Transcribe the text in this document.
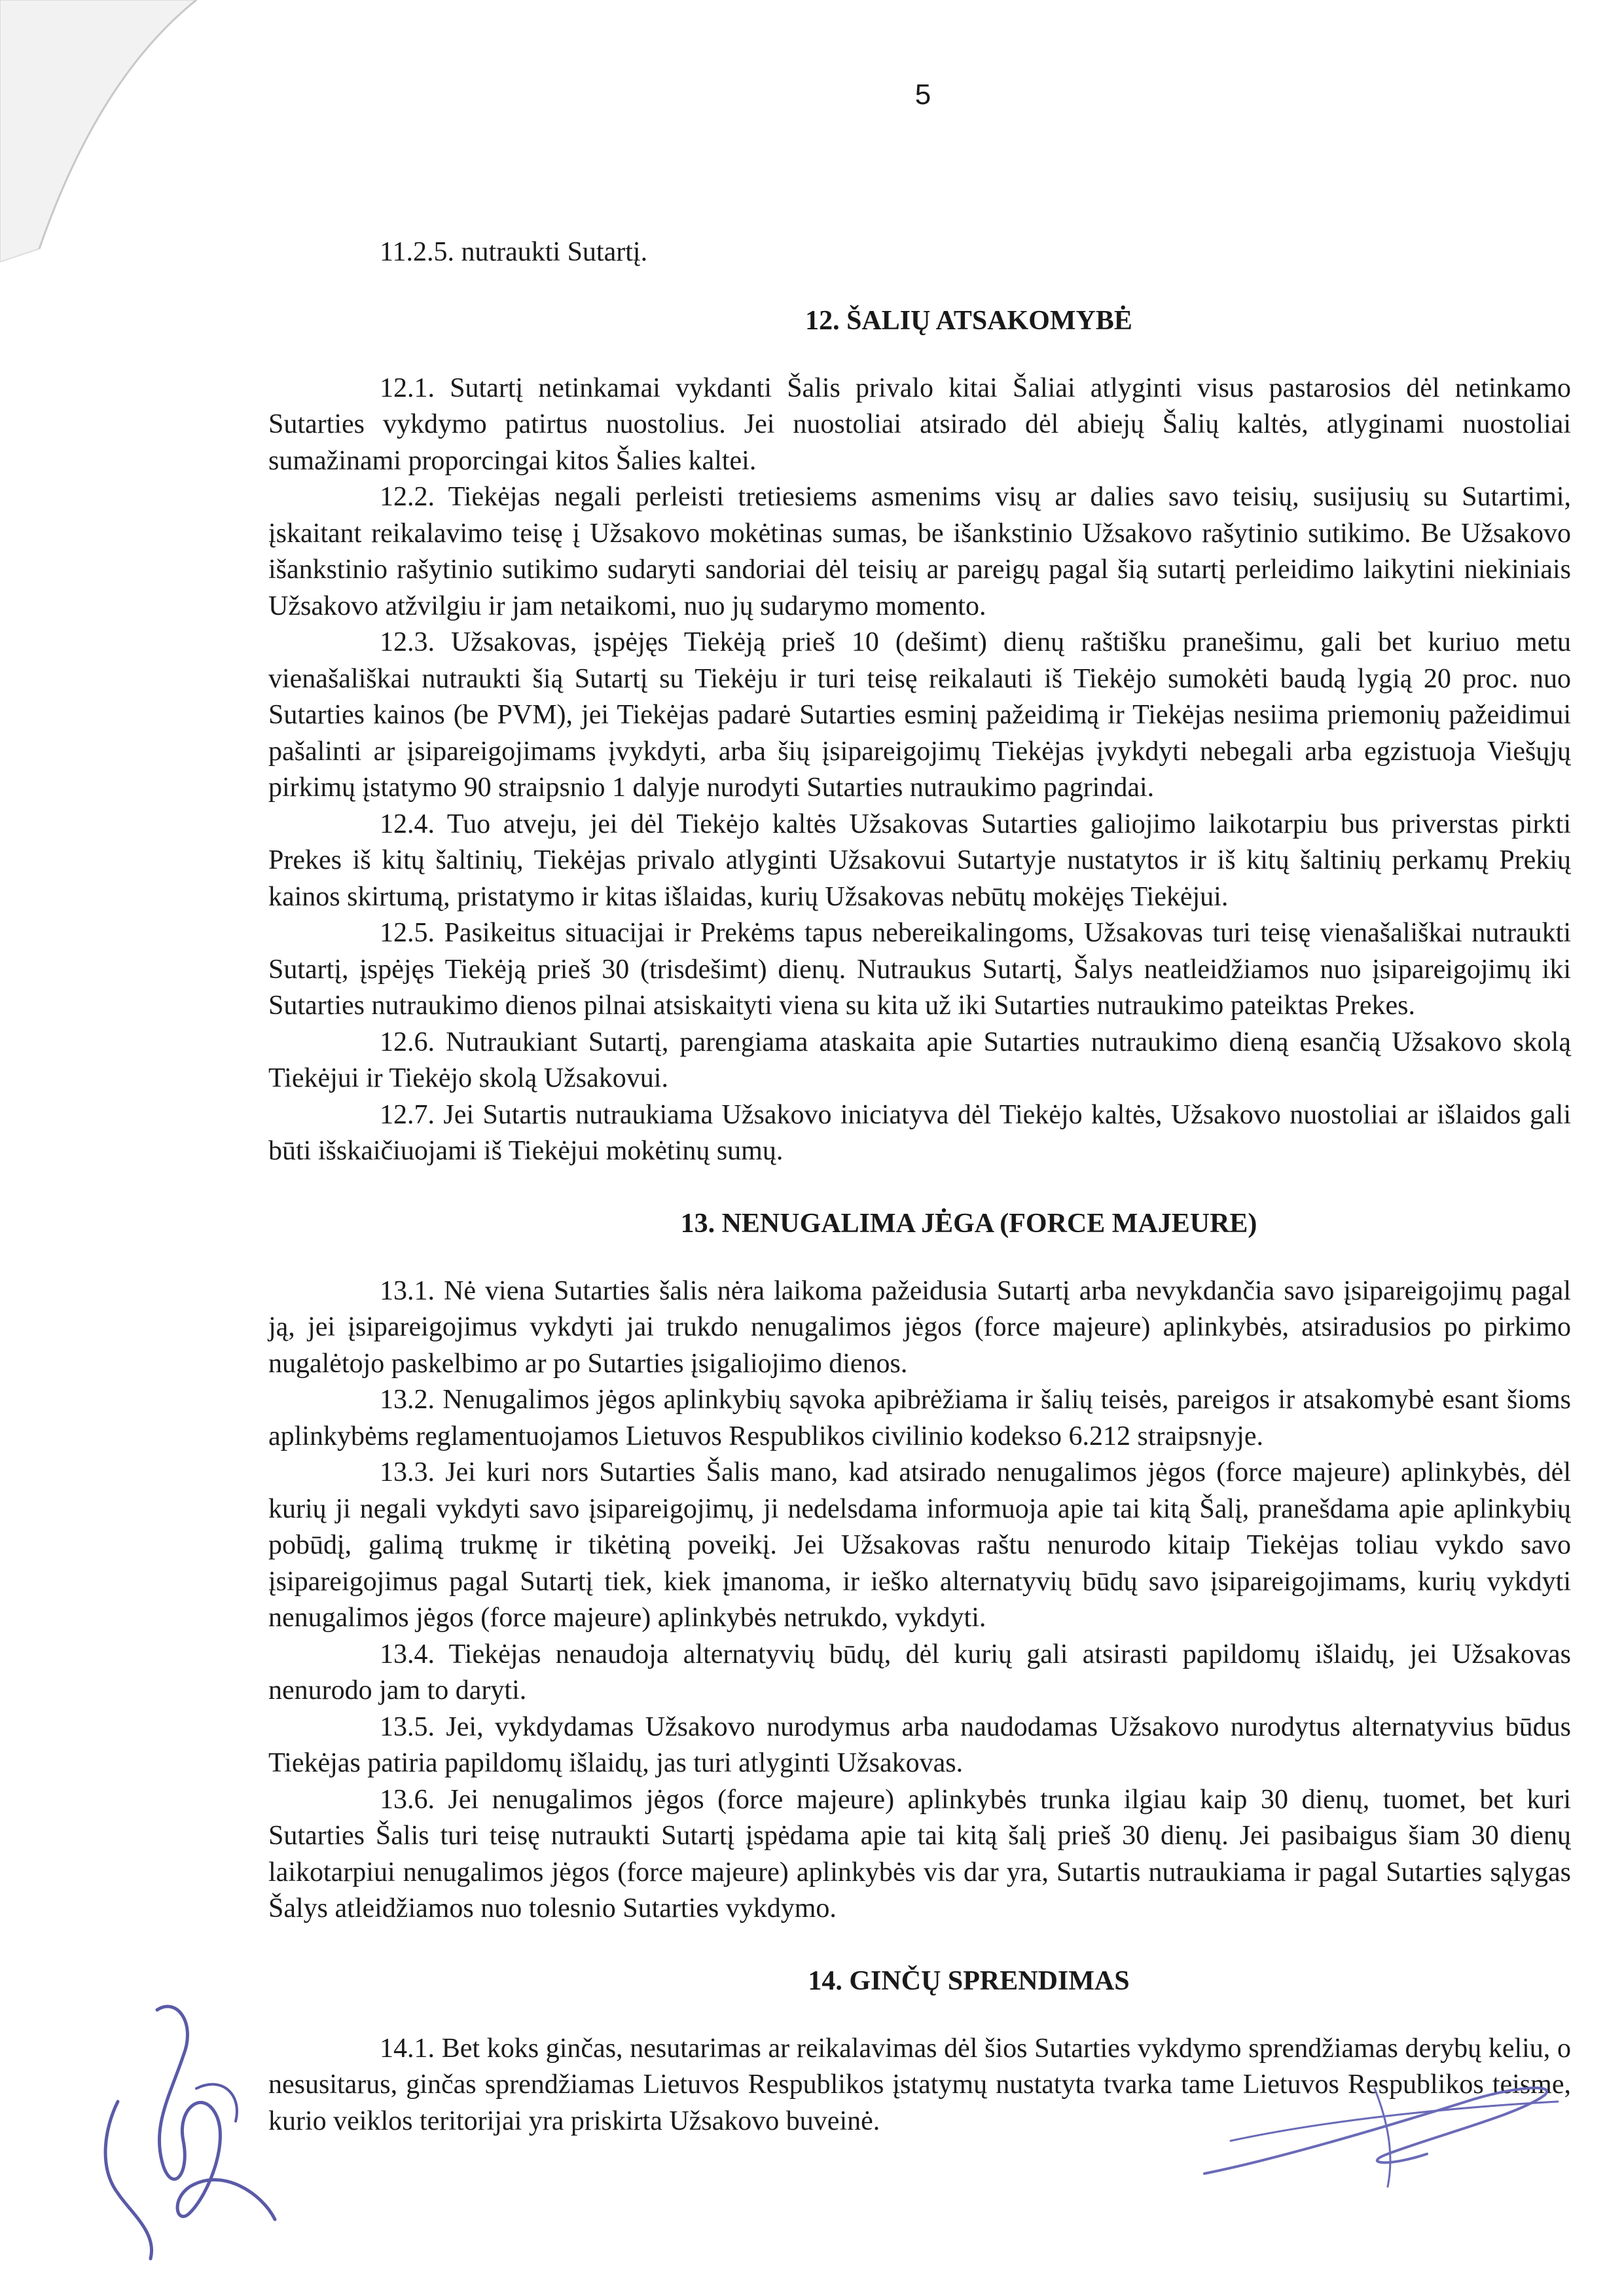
5

11.2.5. nutraukti Sutartį.

12. ŠALIŲ ATSAKOMYBĖ

12.1. Sutartį netinkamai vykdanti Šalis privalo kitai Šaliai atlyginti visus pastarosios dėl netinkamo Sutarties vykdymo patirtus nuostolius. Jei nuostoliai atsirado dėl abiejų Šalių kaltės, atlyginami nuostoliai sumažinami proporcingai kitos Šalies kaltei.

12.2. Tiekėjas negali perleisti tretiesiems asmenims visų ar dalies savo teisių, susijusių su Sutartimi, įskaitant reikalavimo teisę į Užsakovo mokėtinas sumas, be išankstinio Užsakovo rašytinio sutikimo. Be Užsakovo išankstinio rašytinio sutikimo sudaryti sandoriai dėl teisių ar pareigų pagal šią sutartį perleidimo laikytini niekiniais Užsakovo atžvilgiu ir jam netaikomi, nuo jų sudarymo momento.

12.3. Užsakovas, įspėjęs Tiekėją prieš 10 (dešimt) dienų raštišku pranešimu, gali bet kuriuo metu vienašališkai nutraukti šią Sutartį su Tiekėju ir turi teisę reikalauti iš Tiekėjo sumokėti baudą lygią 20 proc. nuo Sutarties kainos (be PVM), jei Tiekėjas padarė Sutarties esminį pažeidimą ir Tiekėjas nesiima priemonių pažeidimui pašalinti ar įsipareigojimams įvykdyti, arba šių įsipareigojimų Tiekėjas įvykdyti nebegali arba egzistuoja Viešųjų pirkimų įstatymo 90 straipsnio 1 dalyje nurodyti Sutarties nutraukimo pagrindai.

12.4. Tuo atveju, jei dėl Tiekėjo kaltės Užsakovas Sutarties galiojimo laikotarpiu bus priverstas pirkti Prekes iš kitų šaltinių, Tiekėjas privalo atlyginti Užsakovui Sutartyje nustatytos ir iš kitų šaltinių perkamų Prekių kainos skirtumą, pristatymo ir kitas išlaidas, kurių Užsakovas nebūtų mokėjęs Tiekėjui.

12.5. Pasikeitus situacijai ir Prekėms tapus nebereikalingoms, Užsakovas turi teisę vienašališkai nutraukti Sutartį, įspėjęs Tiekėją prieš 30 (trisdešimt) dienų. Nutraukus Sutartį, Šalys neatleidžiamos nuo įsipareigojimų iki Sutarties nutraukimo dienos pilnai atsiskaityti viena su kita už iki Sutarties nutraukimo pateiktas Prekes.

12.6. Nutraukiant Sutartį, parengiama ataskaita apie Sutarties nutraukimo dieną esančią Užsakovo skolą Tiekėjui ir Tiekėjo skolą Užsakovui.

12.7. Jei Sutartis nutraukiama Užsakovo iniciatyva dėl Tiekėjo kaltės, Užsakovo nuostoliai ar išlaidos gali būti išskaičiuojami iš Tiekėjui mokėtinų sumų.

13. NENUGALIMA JĖGA (FORCE MAJEURE)

13.1. Nė viena Sutarties šalis nėra laikoma pažeidusia Sutartį arba nevykdančia savo įsipareigojimų pagal ją, jei įsipareigojimus vykdyti jai trukdo nenugalimos jėgos (force majeure) aplinkybės, atsiradusios po pirkimo nugalėtojo paskelbimo ar po Sutarties įsigaliojimo dienos.

13.2. Nenugalimos jėgos aplinkybių sąvoka apibrėžiama ir šalių teisės, pareigos ir atsakomybė esant šioms aplinkybėms reglamentuojamos Lietuvos Respublikos civilinio kodekso 6.212 straipsnyje.

13.3. Jei kuri nors Sutarties Šalis mano, kad atsirado nenugalimos jėgos (force majeure) aplinkybės, dėl kurių ji negali vykdyti savo įsipareigojimų, ji nedelsdama informuoja apie tai kitą Šalį, pranešdama apie aplinkybių pobūdį, galimą trukmę ir tikėtiną poveikį. Jei Užsakovas raštu nenurodo kitaip Tiekėjas toliau vykdo savo įsipareigojimus pagal Sutartį tiek, kiek įmanoma, ir ieško alternatyvių būdų savo įsipareigojimams, kurių vykdyti nenugalimos jėgos (force majeure) aplinkybės netrukdo, vykdyti.

13.4. Tiekėjas nenaudoja alternatyvių būdų, dėl kurių gali atsirasti papildomų išlaidų, jei Užsakovas nenurodo jam to daryti.

13.5. Jei, vykdydamas Užsakovo nurodymus arba naudodamas Užsakovo nurodytus alternatyvius būdus Tiekėjas patiria papildomų išlaidų, jas turi atlyginti Užsakovas.

13.6. Jei nenugalimos jėgos (force majeure) aplinkybės trunka ilgiau kaip 30 dienų, tuomet, bet kuri Sutarties Šalis turi teisę nutraukti Sutartį įspėdama apie tai kitą šalį prieš 30 dienų. Jei pasibaigus šiam 30 dienų laikotarpiui nenugalimos jėgos (force majeure) aplinkybės vis dar yra, Sutartis nutraukiama ir pagal Sutarties sąlygas Šalys atleidžiamos nuo tolesnio Sutarties vykdymo.

14. GINČŲ SPRENDIMAS

14.1. Bet koks ginčas, nesutarimas ar reikalavimas dėl šios Sutarties vykdymo sprendžiamas derybų keliu, o nesusitarus, ginčas sprendžiamas Lietuvos Respublikos įstatymų nustatyta tvarka tame Lietuvos Respublikos teisme, kurio veiklos teritorijai yra priskirta Užsakovo buveinė.
